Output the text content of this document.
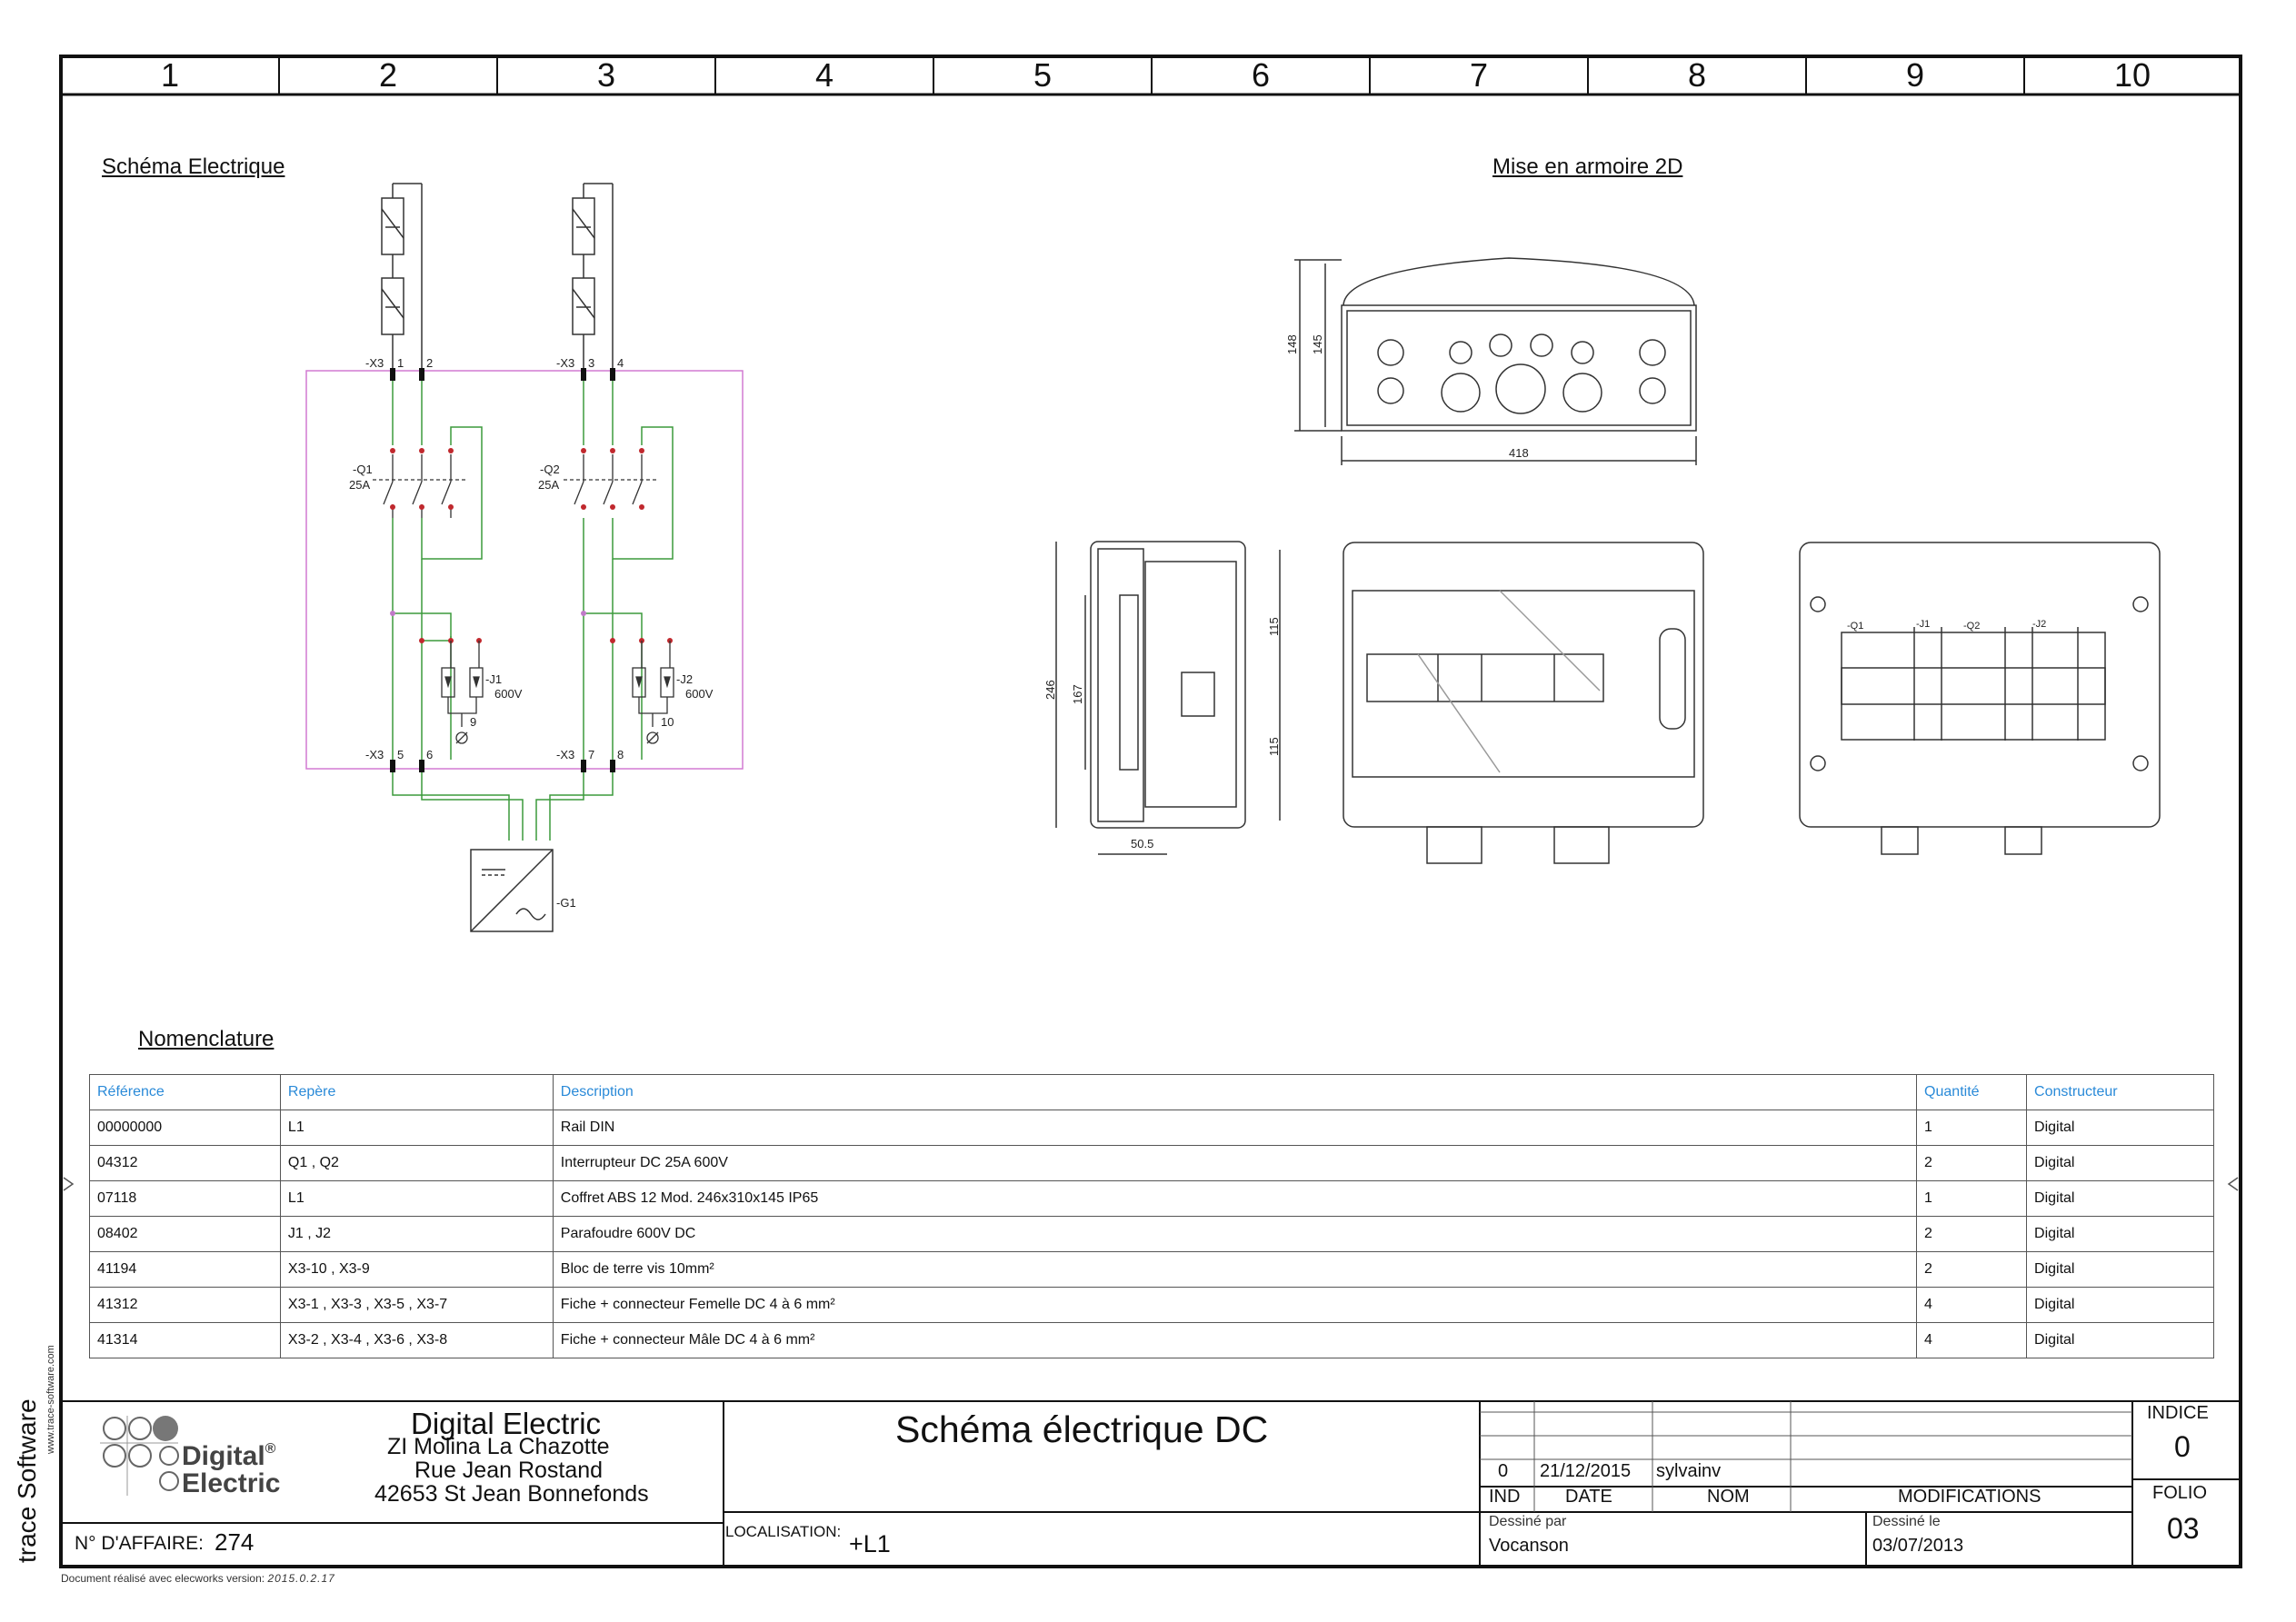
1	2	3	4	5	6	7	8	9	10
Schéma Electrique	Mise en armoire 2D
Nomenclature
-X3 1 2	-X3 3 4
-Q1
25A
-Q2
25A
-J1
600V
-J2
600V
9	10
-X3 5 6	-X3 7 8
-G1
148 145
418
246 167
115
115
50.5
-Q1	-J1	-Q2	-J2
Référence	Repère	Description	Quantité	Constructeur
00000000	L1	Rail DIN	1	Digital
04312	Q1 , Q2	Interrupteur DC 25A 600V	2	Digital
07118	L1	Coffret ABS 12 Mod. 246x310x145 IP65	1	Digital
08402	J1 , J2	Parafoudre 600V DC	2	Digital
41194	X3-10 , X3-9	Bloc de terre vis 10mm²	2	Digital
41312	X3-1 , X3-3 , X3-5 , X3-7	Fiche + connecteur Femelle DC 4 à 6 mm²	4	Digital
41314	X3-2 , X3-4 , X3-6 , X3-8	Fiche + connecteur Mâle DC 4 à 6 mm²	4	Digital
trace Software www.trace-software.com
Digital®
Electric
Digital Electric
ZI Molina La Chazotte
Rue Jean Rostand
42653 St Jean Bonnefonds
N° D'AFFAIRE: 274
Schéma électrique DC
LOCALISATION: +L1
0 21/12/2015 sylvainv
IND DATE	NOM	MODIFICATIONS
Dessiné par
Vocanson
Dessiné le
03/07/2013
INDICE
0
FOLIO
03
Document réalisé avec elecworks version: 2015.0.2.17
